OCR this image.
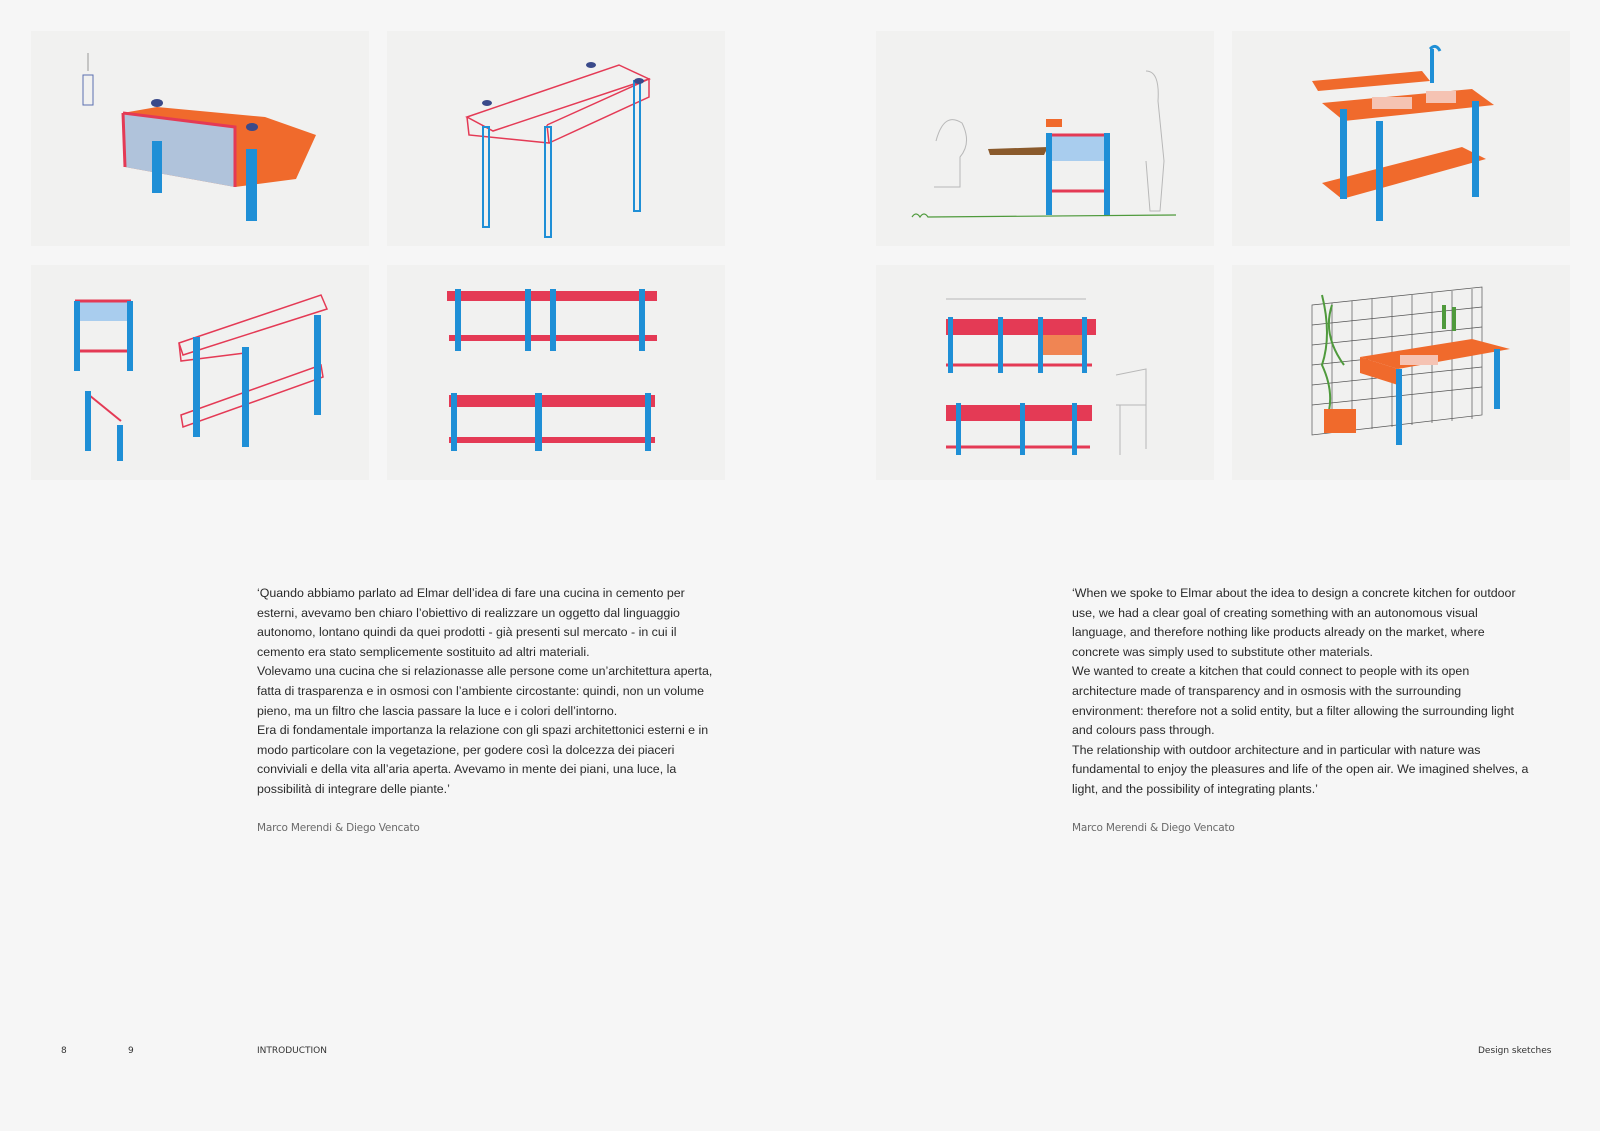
‘Quando abbiamo parlato ad Elmar dell’idea di fare una cucina in cemento per esterni, avevamo ben chiaro l’obiettivo di realizzare un oggetto dal linguaggio autonomo, lontano quindi da quei prodotti - già presenti sul mercato - in cui il cemento era stato semplicemente sostituito ad altri materiali.

Volevamo una cucina che si relazionasse alle persone come un’architettura aperta, fatta di trasparenza e in osmosi con l’ambiente circostante: quindi, non un volume pieno, ma un filtro che lascia passare la luce e i colori dell’intorno.

Era di fondamentale importanza la relazione con gli spazi architettonici esterni e in modo particolare con la vegetazione, per godere così la dolcezza dei piaceri conviviali e della vita all’aria aperta. Avevamo in mente dei piani, una luce, la possibilità di integrare delle piante.’

Marco Merendi & Diego Vencato

‘When we spoke to Elmar about the idea to design a concrete kitchen for outdoor use, we had a clear goal of creating something with an autonomous visual language, and therefore nothing like products already on the market, where concrete was simply used to substitute other materials.

We wanted to create a kitchen that could connect to people with its open architecture made of transparency and in osmosis with the surrounding environment: therefore not a solid entity, but a filter allowing the surrounding light and colours pass through.

The relationship with outdoor architecture and in particular with nature was fundamental to enjoy the pleasures and life of the open air. We imagined shelves, a light, and the possibility of integrating plants.’

Marco Merendi & Diego Vencato
8	9	INTRODUCTION	Design sketches
